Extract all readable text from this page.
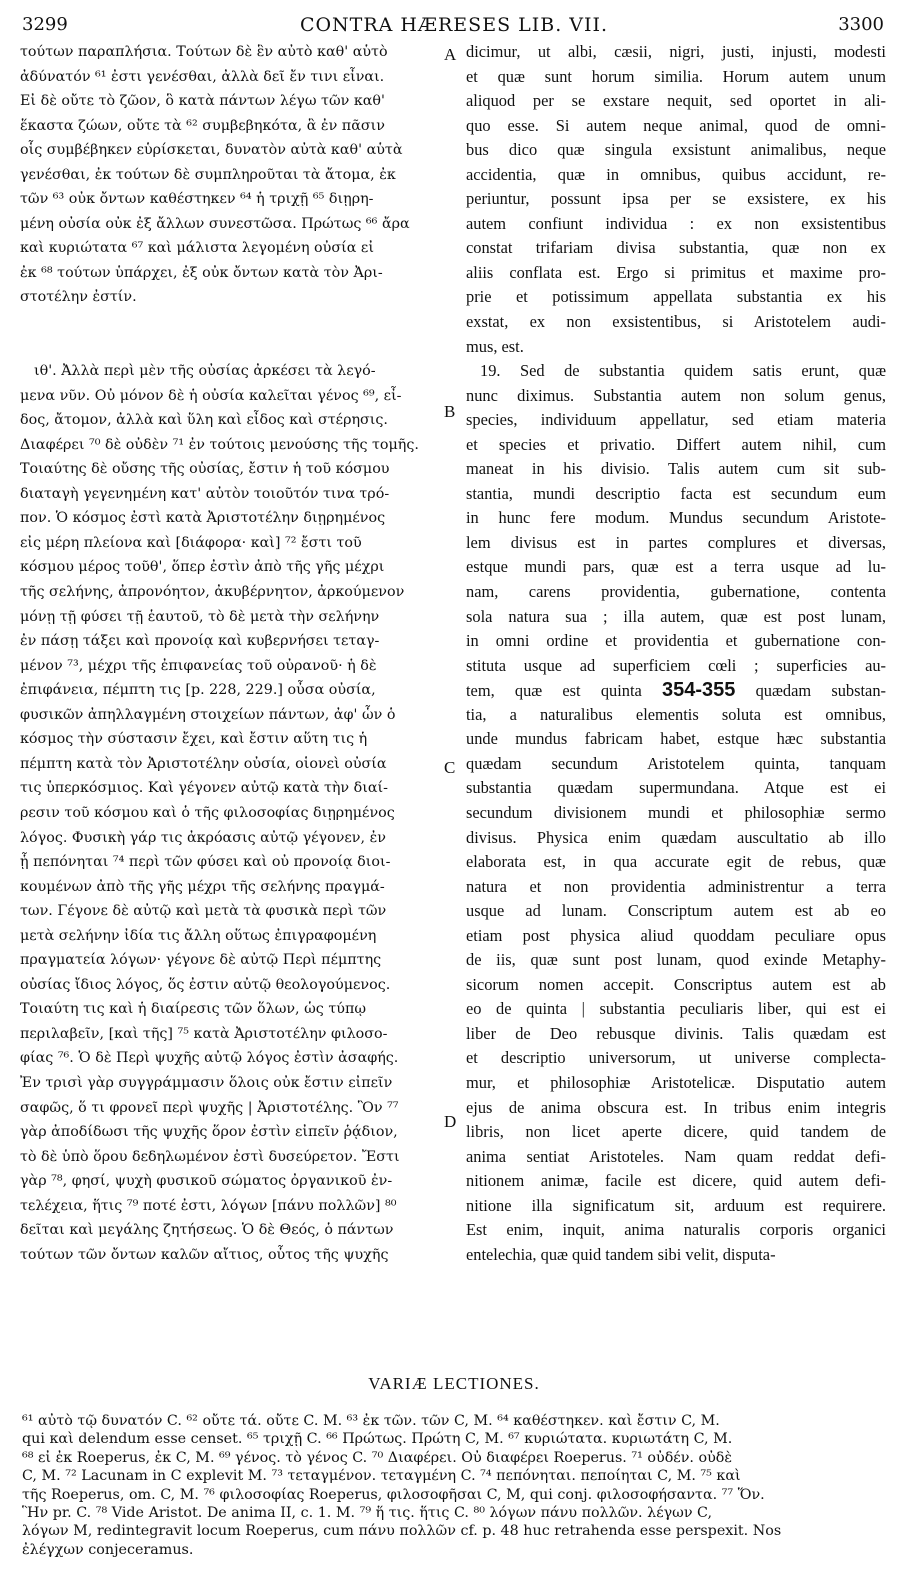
CONTRA HÆRESES LIB. VII.
3299	3300
τούτων παραπλήσια. Τούτων δὲ ἓν αὐτὸ καθ' αὑτὸ
ἀδύνατόν ⁶¹ ἐστι γενέσθαι, ἀλλὰ δεῖ ἔν τινι εἶναι.
Εἰ δὲ οὔτε τὸ ζῶον, ὃ κατὰ πάντων λέγω τῶν καθ'
ἕκαστα ζώων, οὔτε τὰ ⁶² συμβεβηκότα, ἃ ἐν πᾶσιν
οἷς συμβέβηκεν εὑρίσκεται, δυνατὸν αὐτὰ καθ' αὑτὰ
γενέσθαι, ἐκ τούτων δὲ συμπληροῦται τὰ ἄτομα, ἐκ
τῶν ⁶³ οὐκ ὄντων καθέστηκεν ⁶⁴ ἡ τριχῇ ⁶⁵ διῃρη-
μένη οὐσία οὐκ ἐξ ἄλλων συνεστῶσα. Πρώτως ⁶⁶ ἄρα
καὶ κυριώτατα ⁶⁷ καὶ μάλιστα λεγομένη οὐσία εἰ
ἐκ ⁶⁸ τούτων ὑπάρχει, ἐξ οὐκ ὄντων κατὰ τὸν Ἀρι-
στοτέλην ἐστίν.
ιθ'. Ἀλλὰ περὶ μὲν τῆς οὐσίας ἀρκέσει τὰ λεγό-
μενα νῦν. Οὐ μόνον δὲ ἡ οὐσία καλεῖται γένος ⁶⁹, εἶ-
δος, ἄτομον, ἀλλὰ καὶ ὕλη καὶ εἶδος καὶ στέρησις.
Διαφέρει ⁷⁰ δὲ οὐδὲν ⁷¹ ἐν τούτοις μενούσης τῆς τομῆς.
Τοιαύτης δὲ οὔσης τῆς οὐσίας, ἔστιν ἡ τοῦ κόσμου
διαταγὴ γεγενημένη κατ' αὐτὸν τοιοῦτόν τινα τρό-
πον. Ὁ κόσμος ἐστὶ κατὰ Ἀριστοτέλην διῃρημένος
εἰς μέρη πλείονα καὶ [διάφορα· καὶ] ⁷² ἔστι τοῦ
κόσμου μέρος τοῦθ', ὅπερ ἐστὶν ἀπὸ τῆς γῆς μέχρι
τῆς σελήνης, ἀπρονόητον, ἀκυβέρνητον, ἀρκούμενον
μόνῃ τῇ φύσει τῇ ἑαυτοῦ, τὸ δὲ μετὰ τὴν σελήνην
ἐν πάσῃ τάξει καὶ προνοίᾳ καὶ κυβερνήσει τεταγ-
μένον ⁷³, μέχρι τῆς ἐπιφανείας τοῦ οὐρανοῦ· ἡ δὲ
ἐπιφάνεια, πέμπτη τις [p. 228, 229.] οὖσα οὐσία,
φυσικῶν ἀπηλλαγμένη στοιχείων πάντων, ἀφ' ὧν ὁ
κόσμος τὴν σύστασιν ἔχει, καὶ ἔστιν αὕτη τις ἡ
πέμπτη κατὰ τὸν Ἀριστοτέλην οὐσία, οἱονεὶ οὐσία
τις ὑπερκόσμιος. Καὶ γέγονεν αὐτῷ κατὰ τὴν διαί-
ρεσιν τοῦ κόσμου καὶ ὁ τῆς φιλοσοφίας διῃρημένος
λόγος. Φυσικὴ γάρ τις ἀκρόασις αὐτῷ γέγονεν, ἐν
ᾗ πεπόνηται ⁷⁴ περὶ τῶν φύσει καὶ οὐ προνοίᾳ διοι-
κουμένων ἀπὸ τῆς γῆς μέχρι τῆς σελήνης πραγμά-
των. Γέγονε δὲ αὐτῷ καὶ μετὰ τὰ φυσικὰ περὶ τῶν
μετὰ σελήνην ἰδία τις ἄλλη οὕτως ἐπιγραφομένη
πραγματεία λόγων· γέγονε δὲ αὐτῷ Περὶ πέμπτης
οὐσίας ἴδιος λόγος, ὅς ἐστιν αὐτῷ θεολογούμενος.
Τοιαύτη τις καὶ ἡ διαίρεσις τῶν ὅλων, ὡς τύπῳ
περιλαβεῖν, [καὶ τῆς] ⁷⁵ κατὰ Ἀριστοτέλην φιλοσο-
φίας ⁷⁶. Ὁ δὲ Περὶ ψυχῆς αὐτῷ λόγος ἐστὶν ἀσαφής.
Ἐν τρισὶ γὰρ συγγράμμασιν ὅλοις οὐκ ἔστιν εἰπεῖν
σαφῶς, ὅ τι φρονεῖ περὶ ψυχῆς | Ἀριστοτέλης. Ὃν ⁷⁷
γὰρ ἀποδίδωσι τῆς ψυχῆς ὅρον ἐστὶν εἰπεῖν ῥᾴδιον,
τὸ δὲ ὑπὸ ὅρου δεδηλωμένον ἐστὶ δυσεύρετον. Ἔστι
γὰρ ⁷⁸, φησί, ψυχὴ φυσικοῦ σώματος ὀργανικοῦ ἐν-
τελέχεια, ἥτις ⁷⁹ ποτέ ἐστι, λόγων [πάνυ πολλῶν] ⁸⁰
δεῖται καὶ μεγάλης ζητήσεως. Ὁ δὲ Θεός, ὁ πάντων
τούτων τῶν ὄντων καλῶν αἴτιος, οὗτος τῆς ψυχῆς
dicimur, ut albi, cæsii, nigri, justi, injusti, modesti
et quæ sunt horum similia. Horum autem unum
aliquod per se exstare nequit, sed oportet in ali-
quo esse. Si autem neque animal, quod de omni-
bus dico quæ singula exsistunt animalibus, neque
accidentia, quæ in omnibus, quibus accidunt, re-
periuntur, possunt ipsa per se exsistere, ex his
autem confiunt individua : ex non exsistentibus
constat trifariam divisa substantia, quæ non ex
aliis conflata est. Ergo si primitus et maxime pro-
prie et potissimum appellata substantia ex his
exstat, ex non exsistentibus, si Aristotelem audi-
mus, est.
19. Sed de substantia quidem satis erunt, quæ
nunc diximus. Substantia autem non solum genus,
species, individuum appellatur, sed etiam materia
et species et privatio. Differt autem nihil, cum
maneat in his divisio. Talis autem cum sit sub-
stantia, mundi descriptio facta est secundum eum
in hunc fere modum. Mundus secundum Aristote-
lem divisus est in partes complures et diversas,
estque mundi pars, quæ est a terra usque ad lu-
nam, carens providentia, gubernatione, contenta
sola natura sua ; illa autem, quæ est post lunam,
in omni ordine et providentia et gubernatione con-
stituta usque ad superficiem cœli ; superficies au-
tem, quæ est quinta 354-355 quædam substan-
tia, a naturalibus elementis soluta est omnibus,
unde mundus fabricam habet, estque hæc substantia
quædam secundum Aristotelem quinta, tanquam
substantia quædam supermundana. Atque est ei
secundum divisionem mundi et philosophiæ sermo
divisus. Physica enim quædam auscultatio ab illo
elaborata est, in qua accurate egit de rebus, quæ
natura et non providentia administrentur a terra
usque ad lunam. Conscriptum autem est ab eo
etiam post physica aliud quoddam peculiare opus
de iis, quæ sunt post lunam, quod exinde Metaphy-
sicorum nomen accepit. Conscriptus autem est ab
eo de quinta | substantia peculiaris liber, qui est ei
liber de Deo rebusque divinis. Talis quædam est
et descriptio universorum, ut universe complecta-
mur, et philosophiæ Aristotelicæ. Disputatio autem
ejus de anima obscura est. In tribus enim integris
libris, non licet aperte dicere, quid tandem de
anima sentiat Aristoteles. Nam quam reddat defi-
nitionem animæ, facile est dicere, quid autem defi-
nitione illa significatum sit, arduum est requirere.
Est enim, inquit, anima naturalis corporis organici
entelechia, quæ quid tandem sibi velit, disputa-
A
B
C
D
VARIÆ LECTIONES.
⁶¹ αὐτὸ τῷ δυνατόν C. ⁶² οὔτε τά. οὔτε C. M. ⁶³ ἐκ τῶν. τῶν C, M. ⁶⁴ καθέστηκεν. καὶ ἔστιν C, M.
qui καὶ delendum esse censet. ⁶⁵ τριχῇ C. ⁶⁶ Πρώτως. Πρώτη C, M. ⁶⁷ κυριώτατα. κυριωτάτη C, M.
⁶⁸ εἰ ἐκ Roeperus, ἐκ C, M. ⁶⁹ γένος. τὸ γένος C. ⁷⁰ Διαφέρει. Οὐ διαφέρει Roeperus. ⁷¹ οὐδέν. οὐδὲ
C, M. ⁷² Lacunam in C explevit M. ⁷³ τεταγμένον. τεταγμένη C. ⁷⁴ πεπόνηται. πεποίηται C, M. ⁷⁵ καὶ
τῆς Roeperus, om. C, M. ⁷⁶ φιλοσοφίας Roeperus, φιλοσοφῆσαι C, M, qui conj. φιλοσοφήσαντα. ⁷⁷ Ὅν.
Ἣν pr. C. ⁷⁸ Vide Aristot. De anima II, c. 1. M. ⁷⁹ ἥ τις. ἥτις C. ⁸⁰ λόγων πάνυ πολλῶν. λέγων C,
λόγων M, redintegravit locum Roeperus, cum πάνυ πολλῶν cf. p. 48 huc retrahenda esse perspexit. Nos
ἐλέγχων conjeceramus.
